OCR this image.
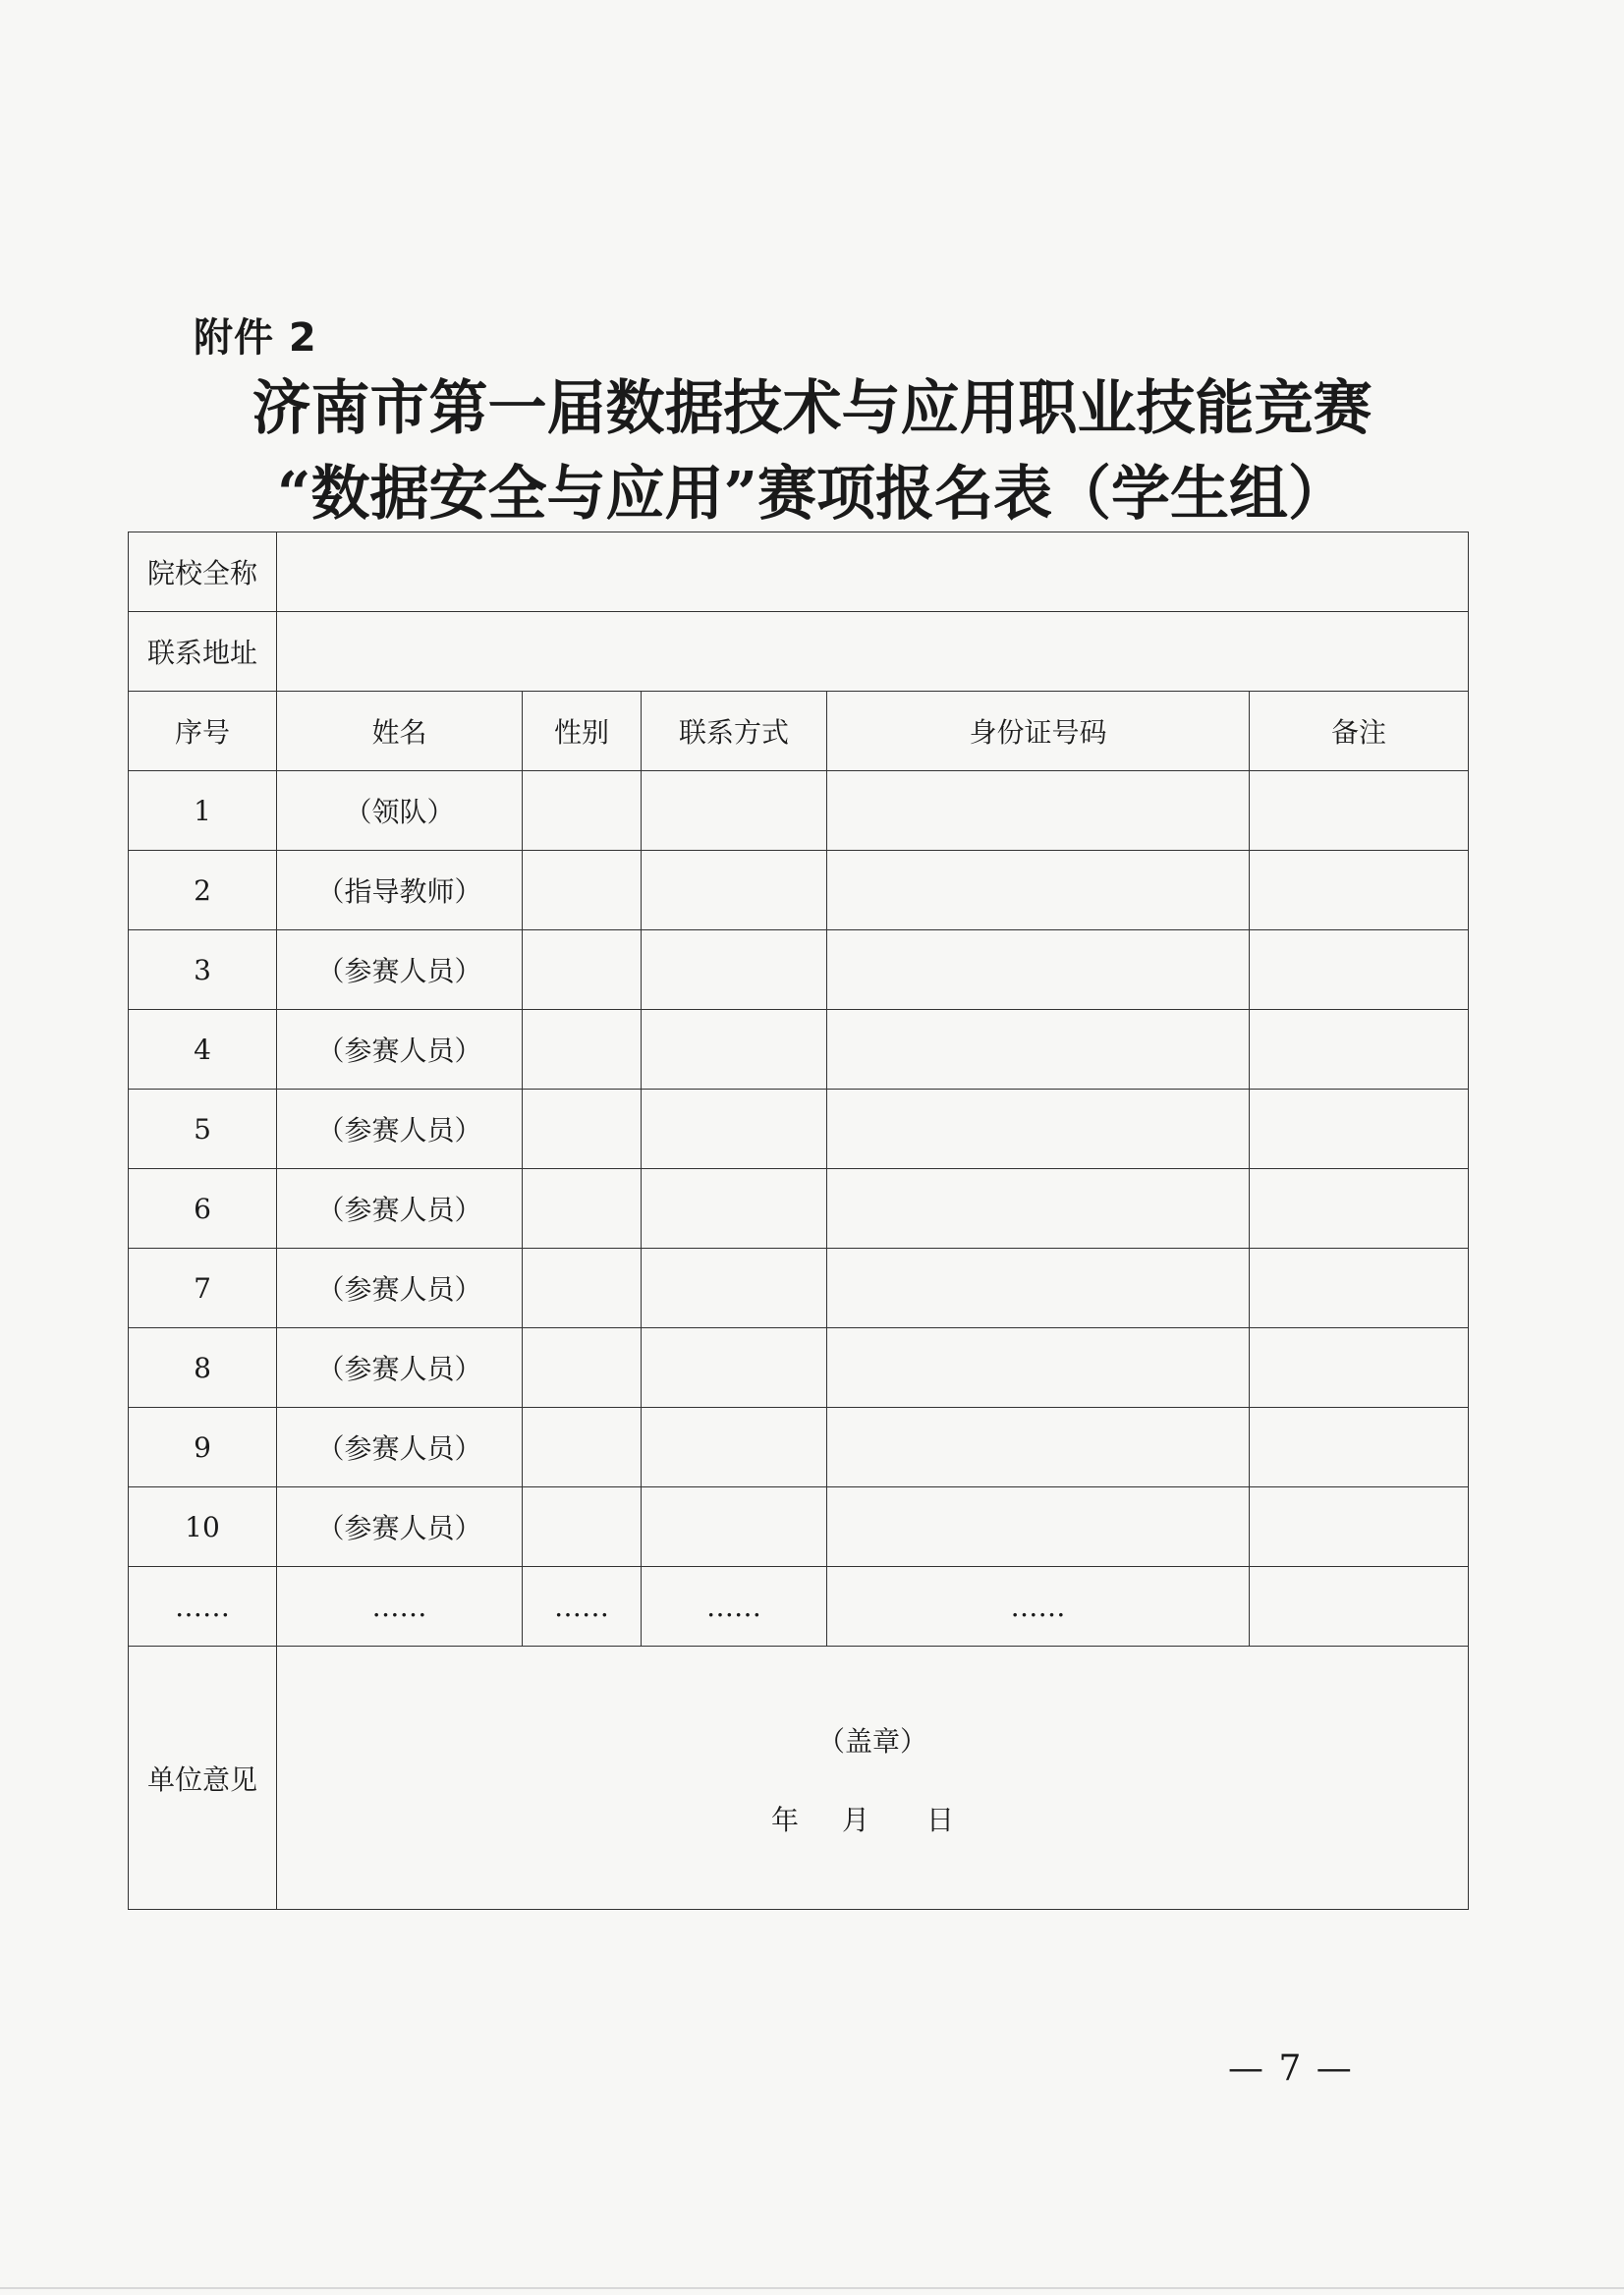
附件 2
济南市第一届数据技术与应用职业技能竞赛
“数据安全与应用”赛项报名表（学生组）
院校全称					
联系地址					
序号	姓名	性别	联系方式	身份证号码	备注
1	（领队）				
2	（指导教师）				
3	（参赛人员）				
4	（参赛人员）				
5	（参赛人员）				
6	（参赛人员）				
7	（参赛人员）				
8	（参赛人员）				
9	（参赛人员）				
10	（参赛人员）				
……	……	……	……	……	
单位意见	（盖章）
年 月 日				
— 7 —
